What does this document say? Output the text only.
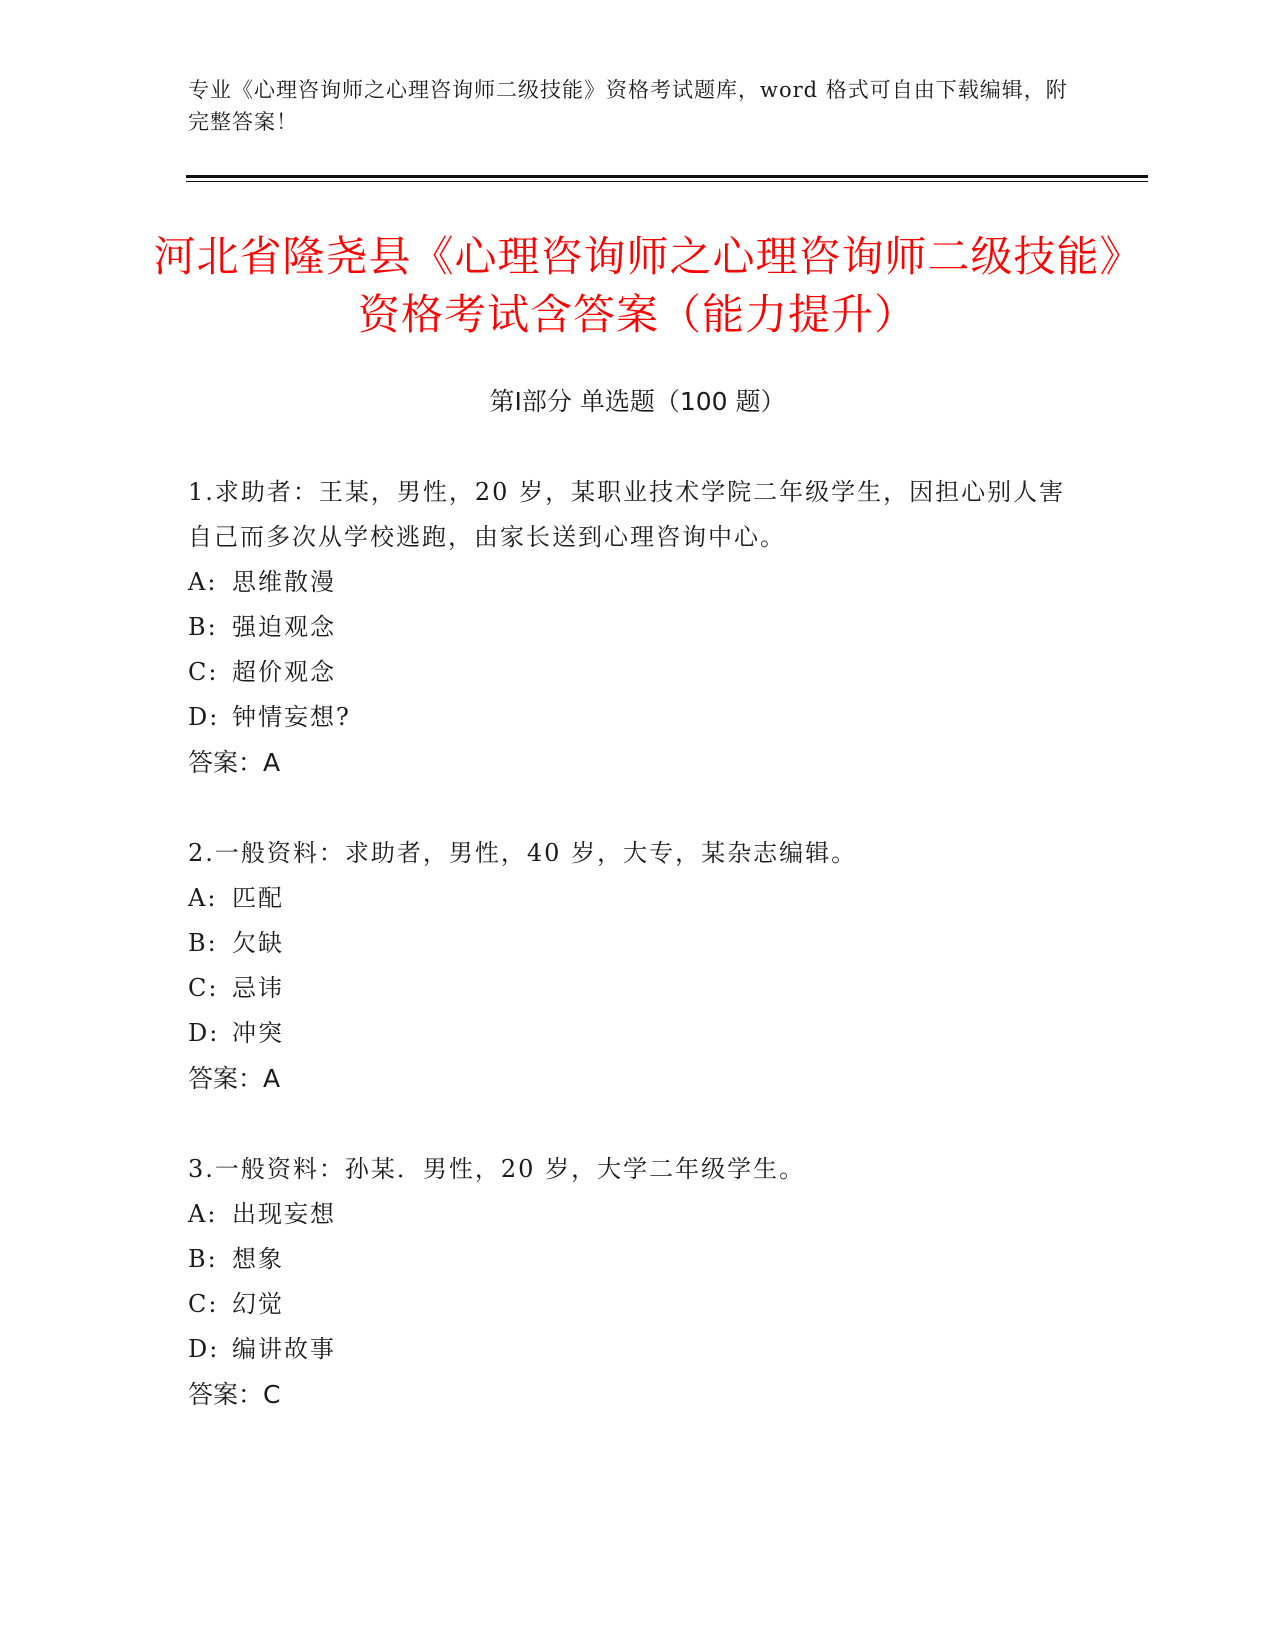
专业《心理咨询师之心理咨询师二级技能》资格考试题库，word 格式可自由下载编辑，附完整答案！
河北省隆尧县《心理咨询师之心理咨询师二级技能》资格考试含答案（能力提升）
第Ⅰ部分 单选题（100 题）

1.求助者：王某，男性，20 岁，某职业技术学院二年级学生，因担心别人害自己而多次从学校逃跑，由家长送到心理咨询中心。

A: 思维散漫

B: 强迫观念

C: 超价观念

D: 钟情妄想?

答案：A

2.一般资料：求助者，男性，40 岁，大专，某杂志编辑。

A: 匹配

B: 欠缺

C: 忌讳

D: 冲突

答案：A

3.一般资料：孙某．男性，20 岁，大学二年级学生。

A: 出现妄想

B: 想象

C: 幻觉

D: 编讲故事

答案：C
